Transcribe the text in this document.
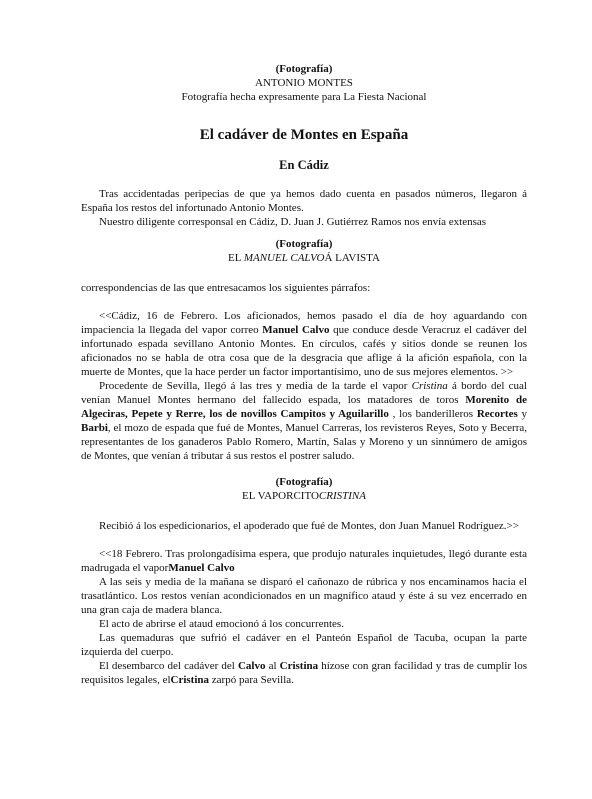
(Fotografía)
ANTONIO MONTES
Fotografía hecha expresamente para La Fiesta Nacional
El cadáver de Montes en España
En Cádiz

Tras accidentadas peripecias de que ya hemos dado cuenta en pasados números, llegaron á España los restos del infortunado Antonio Montes.

Nuestro diligente corresponsal en Cádiz, D. Juan J. Gutiérrez Ramos nos envía extensas

(Fotografía)
EL MANUEL CALVOÁ LAVISTA

correspondencias de las que entresacamos los siguientes párrafos:

<<Cádiz, 16 de Febrero. Los aficionados, hemos pasado el día de hoy aguardando con impaciencia la llegada del vapor correo Manuel Calvo que conduce desde Veracruz el cadáver del infortunado espada sevillano Antonio Montes. En círculos, cafés y sitios donde se reunen los aficionados no se habla de otra cosa que de la desgracia que aflige á la afición española, con la muerte de Montes, que la hace perder un factor importantísimo, uno de sus mejores elementos. >>

Procedente de Sevilla, llegó á las tres y media de la tarde el vapor Cristina á bordo del cual venían Manuel Montes hermano del fallecido espada, los matadores de toros Morenito de Algeciras, Pepete y Rerre, los de novillos Campitos y Aguilarillo , los banderilleros Recortes y Barbi, el mozo de espada que fué de Montes, Manuel Carreras, los revisteros Reyes, Soto y Becerra, representantes de los ganaderos Pablo Romero, Martín, Salas y Moreno y un sinnúmero de amigos de Montes, que venían á tributar á sus restos el postrer saludo.

(Fotografía)
EL VAPORCITOCRISTINA

Recibió á los espedicionarios, el apoderado que fué de Montes, don Juan Manuel Rodríguez.>>

<<18 Febrero. Tras prolongadísima espera, que produjo naturales inquietudes, llegó durante esta madrugada el vaporManuel Calvo

A las seis y media de la mañana se disparó el cañonazo de rúbrica y nos encaminamos hacia el trasatlántico. Los restos venían acondicionados en un magnífico ataud y éste á su vez encerrado en una gran caja de madera blanca.

El acto de abrirse el ataud emocionó á los concurrentes.

Las quemaduras que sufrió el cadáver en el Panteón Español de Tacuba, ocupan la parte izquierda del cuerpo.

El desembarco del cadáver del Calvo al Cristina hízose con gran facilidad y tras de cumplir los requisitos legales, elCristina zarpó para Sevilla.
